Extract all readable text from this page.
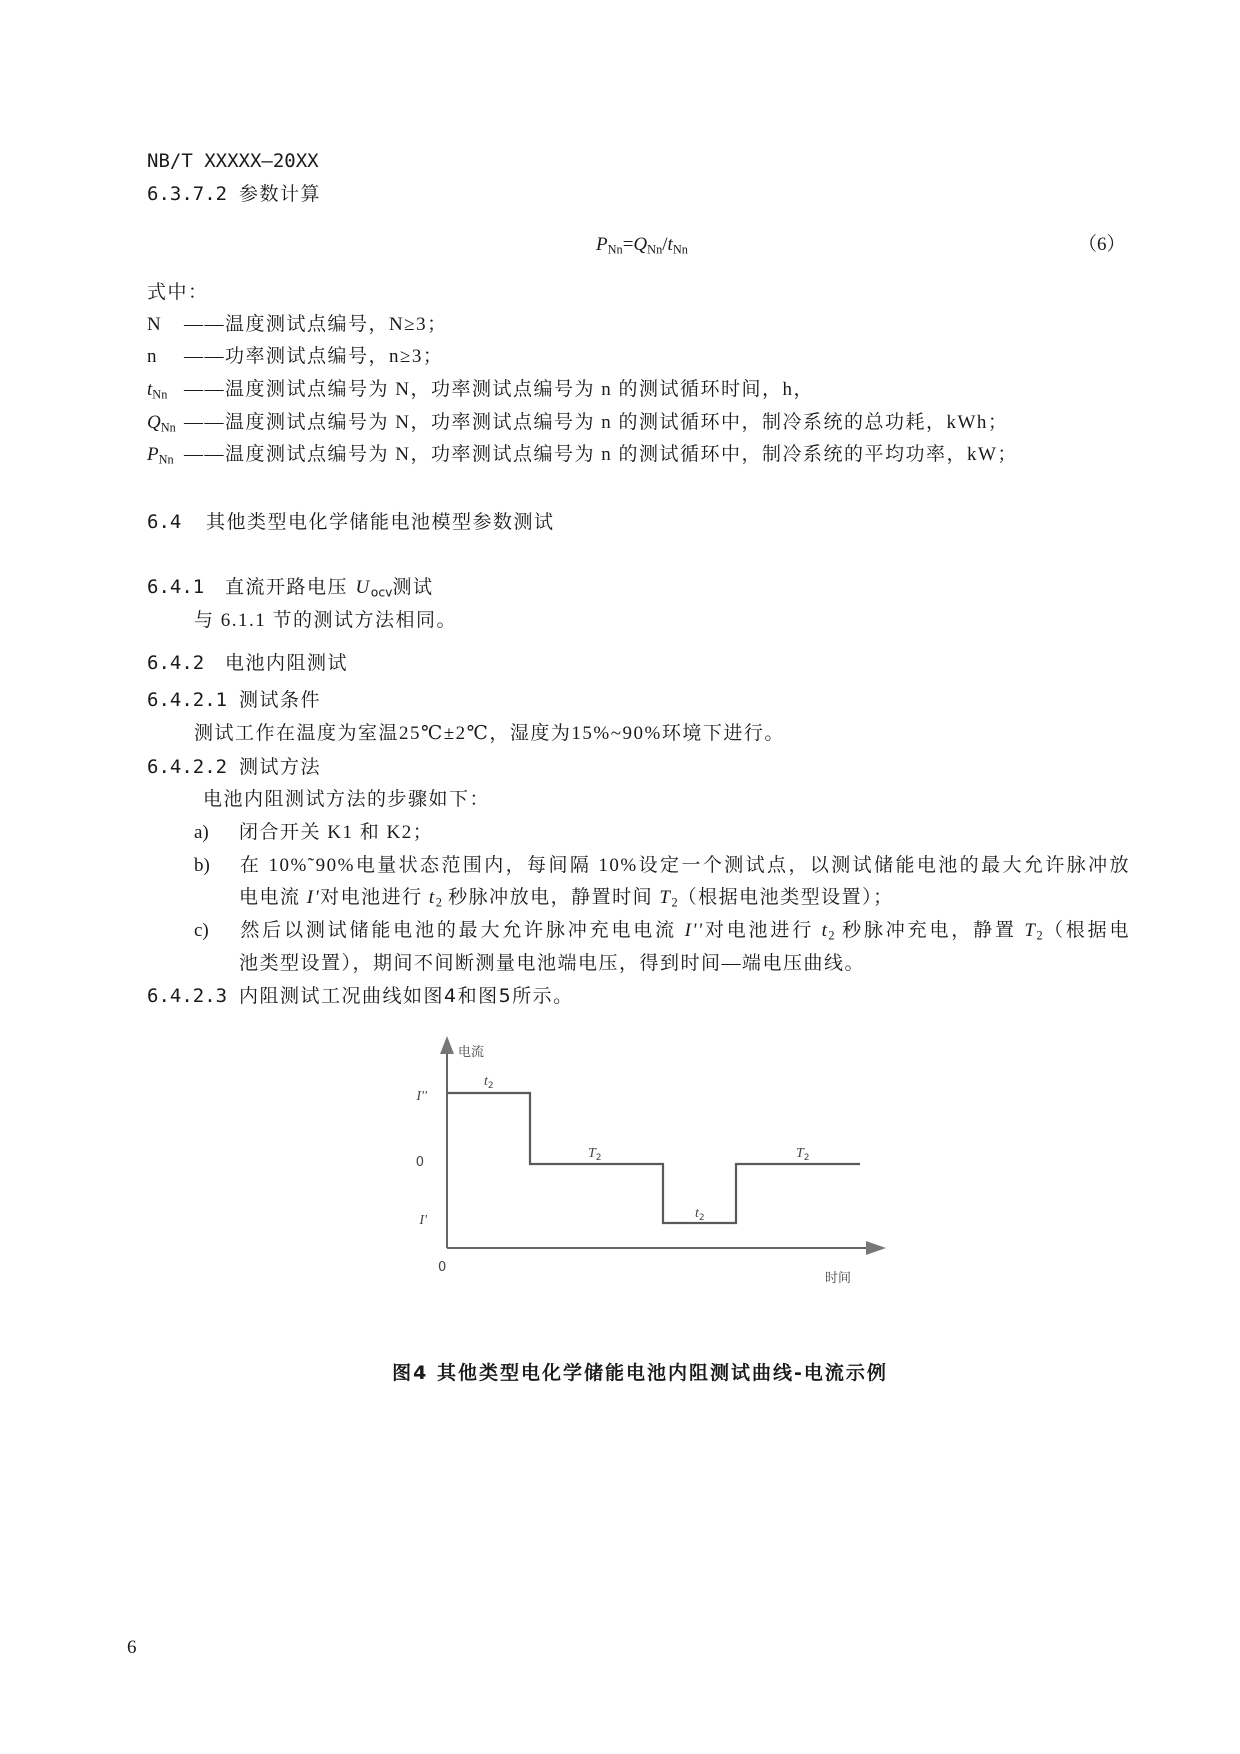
NB/T XXXXX—20XX
6.3.7.2 参数计算
$P_{Nn}=Q_{Nn}/t_{Nn}$	（6）
式中：
N ——温度测试点编号，N≥3；
n ——功率测试点编号，n≥3；
$t_{Nn}$ ——温度测试点编号为 N，功率测试点编号为 n 的测试循环时间，h，
$Q_{Nn}$ ——温度测试点编号为 N，功率测试点编号为 n 的测试循环中，制冷系统的总功耗，kWh；
$P_{Nn}$ ——温度测试点编号为 N，功率测试点编号为 n 的测试循环中，制冷系统的平均功率，kW；
6.4 其他类型电化学储能电池模型参数测试
6.4.1 直流开路电压 $U_{ocv}$测试
与 6.1.1 节的测试方法相同。
6.4.2 电池内阻测试
6.4.2.1 测试条件
测试工作在温度为室温25℃±2℃，湿度为15%~90%环境下进行。
6.4.2.2 测试方法
电池内阻测试方法的步骤如下：
a) 闭合开关 K1 和 K2；
b) 在 10%˜90%电量状态范围内，每间隔 10%设定一个测试点，以测试储能电池的最大允许脉冲放
电电流 I'对电池进行 $t_2$ 秒脉冲放电，静置时间 $T_2$（根据电池类型设置）；
c) 然后以测试储能电池的最大允许脉冲充电电流 I''对电池进行 $t_2$ 秒脉冲充电，静置 $T_2$（根据电
池类型设置），期间不间断测量电池端电压，得到时间—端电压曲线。
6.4.2.3 内阻测试工况曲线如图4和图5所示。
电流
时间
I''
0
I'
0
$t_2$
$T_2$
$t_2$
$T_2$
图4 其他类型电化学储能电池内阻测试曲线-电流示例
6
